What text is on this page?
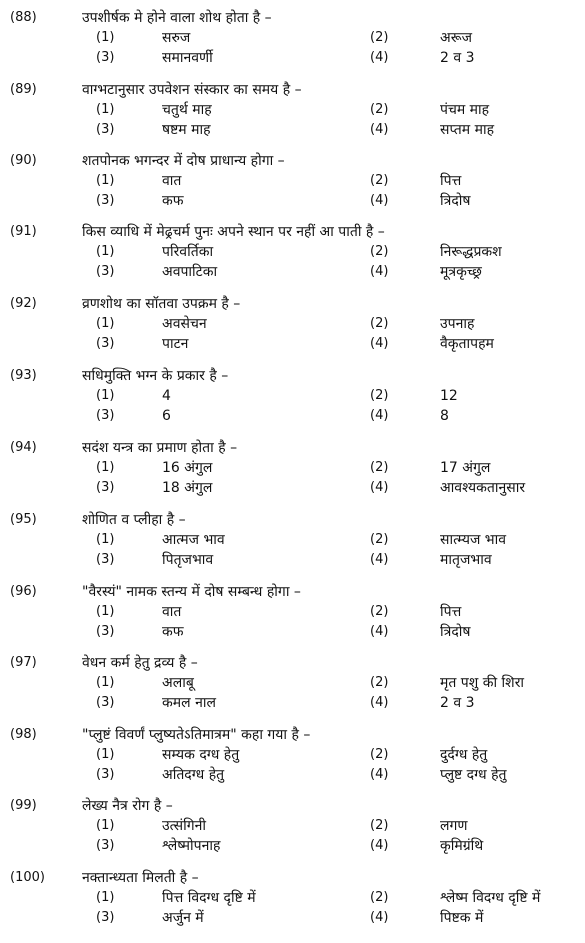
(88)	उपशीर्षक मे होने वाला शोथ होता है –
(1)	सरुज	(2)	अरूज
(3)	समानवर्णी	(4)	2 व 3
(89)	वाग्भटानुसार उपवेशन संस्कार का समय है –
(1)	चतुर्थ माह	(2)	पंचम माह
(3)	षष्टम माह	(4)	सप्तम माह
(90)	शतपोनक भगन्दर में दोष प्राधान्य होगा –
(1)	वात	(2)	पित्त
(3)	कफ	(4)	त्रिदोष
(91)	किस व्याधि में मेढ्रचर्म पुनः अपने स्थान पर नहीं आ पाती है –
(1)	परिवर्तिका	(2)	निरूद्धप्रकश
(3)	अवपाटिका	(4)	मूत्रकृच्छ्र
(92)	व्रणशोथ का सॉतवा उपक्रम है –
(1)	अवसेचन	(2)	उपनाह
(3)	पाटन	(4)	वैकृतापहम
(93)	सधिमुक्ति भग्न के प्रकार है –
(1)	4	(2)	12
(3)	6	(4)	8
(94)	सदंश यन्त्र का प्रमाण होता है –
(1)	16 अंगुल	(2)	17 अंगुल
(3)	18 अंगुल	(4)	आवश्यकतानुसार
(95)	शोणित व प्लीहा है –
(1)	आत्मज भाव	(2)	सात्म्यज भाव
(3)	पितृजभाव	(4)	मातृजभाव
(96)	"वैरस्यं" नामक स्तन्य में दोष सम्बन्ध होगा –
(1)	वात	(2)	पित्त
(3)	कफ	(4)	त्रिदोष
(97)	वेधन कर्म हेतु द्रव्य है –
(1)	अलाबू	(2)	मृत पशु की शिरा
(3)	कमल नाल	(4)	2 व 3
(98)	"प्लुष्टं विवर्णं प्लुष्यतेऽतिमात्रम" कहा गया है –
(1)	सम्यक दग्ध हेतु	(2)	दुर्दग्ध हेतु
(3)	अतिदग्ध हेतु	(4)	प्लुष्ट दग्ध हेतु
(99)	लेख्य नैत्र रोग है –
(1)	उत्संगिनी	(2)	लगण
(3)	श्लेष्मोपनाह	(4)	कृमिग्रंथि
(100)	नक्तान्ध्यता मिलती है –
(1)	पित्त विदग्ध दृष्टि में	(2)	श्लेष्म विदग्ध दृष्टि में
(3)	अर्जुन में	(4)	पिष्टक में
